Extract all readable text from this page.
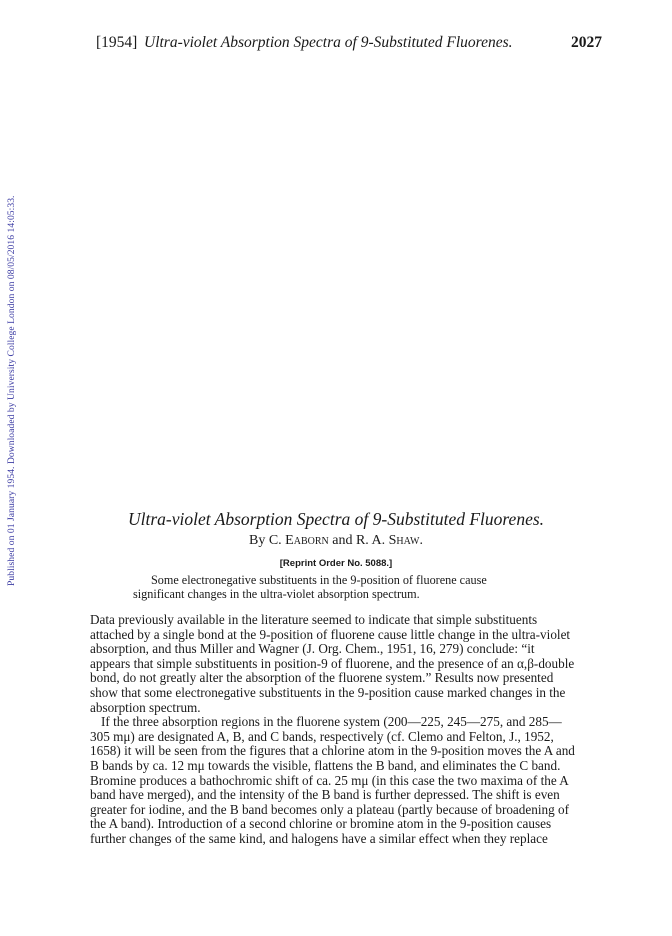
[1954] Ultra-violet Absorption Spectra of 9-Substituted Fluorenes.	2027
Published on 01 January 1954. Downloaded by University College London on 08/05/2016 14:05:33.	Ultra-violet Absorption Spectra of 9-Substituted Fluorenes.
By C. Eaborn and R. A. Shaw.
[Reprint Order No. 5088.]
Some electronegative substituents in the 9-position of fluorene cause
significant changes in the ultra-violet absorption spectrum.
Data previously available in the literature seemed to indicate that simple substituents
attached by a single bond at the 9-position of fluorene cause little change in the ultra-violet
absorption, and thus Miller and Wagner (J. Org. Chem., 1951, 16, 279) conclude: “it
appears that simple substituents in position-9 of fluorene, and the presence of an α,β-double
bond, do not greatly alter the absorption of the fluorene system.” Results now presented
show that some electronegative substituents in the 9-position cause marked changes in the
absorption spectrum.
If the three absorption regions in the fluorene system (200—225, 245—275, and 285—
305 mμ) are designated A, B, and C bands, respectively (cf. Clemo and Felton, J., 1952,
1658) it will be seen from the figures that a chlorine atom in the 9-position moves the A and
B bands by ca. 12 mμ towards the visible, flattens the B band, and eliminates the C band.
Bromine produces a bathochromic shift of ca. 25 mμ (in this case the two maxima of the A
band have merged), and the intensity of the B band is further depressed. The shift is even
greater for iodine, and the B band becomes only a plateau (partly because of broadening of
the A band). Introduction of a second chlorine or bromine atom in the 9-position causes
further changes of the same kind, and halogens have a similar effect when they replace
